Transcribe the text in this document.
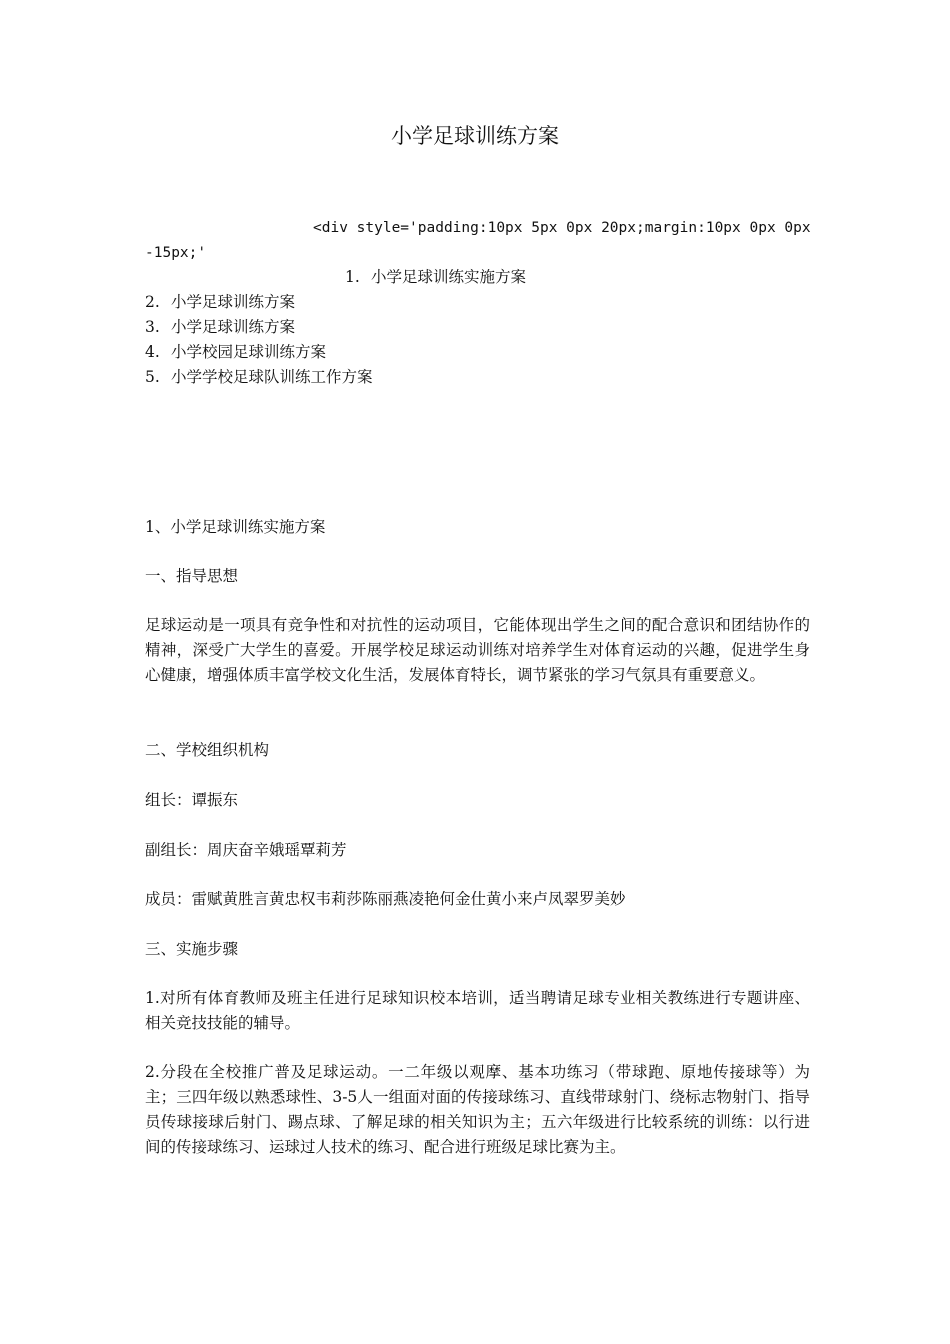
小学足球训练方案
<div style='padding:10px 5px 0px 20px;margin:10px 0px 0px
-15px;'
1. 小学足球训练实施方案
2. 小学足球训练方案
3. 小学足球训练方案
4. 小学校园足球训练方案
5. 小学学校足球队训练工作方案
1、小学足球训练实施方案
一、指导思想
足球运动是一项具有竞争性和对抗性的运动项目，它能体现出学生之间的配合意识和团结协作的精神，深受广大学生的喜爱。开展学校足球运动训练对培养学生对体育运动的兴趣，促进学生身心健康，增强体质丰富学校文化生活，发展体育特长，调节紧张的学习气氛具有重要意义。
二、学校组织机构
组长：谭振东
副组长：周庆奋辛娥瑶覃莉芳
成员：雷赋黄胜言黄忠权韦莉莎陈丽燕凌艳何金仕黄小来卢凤翠罗美妙
三、实施步骤
1.对所有体育教师及班主任进行足球知识校本培训，适当聘请足球专业相关教练进行专题讲座、相关竞技技能的辅导。
2.分段在全校推广普及足球运动。一二年级以观摩、基本功练习（带球跑、原地传接球等）为主；三四年级以熟悉球性、3-5人一组面对面的传接球练习、直线带球射门、绕标志物射门、指导员传球接球后射门、踢点球、了解足球的相关知识为主；五六年级进行比较系统的训练：以行进间的传接球练习、运球过人技术的练习、配合进行班级足球比赛为主。
